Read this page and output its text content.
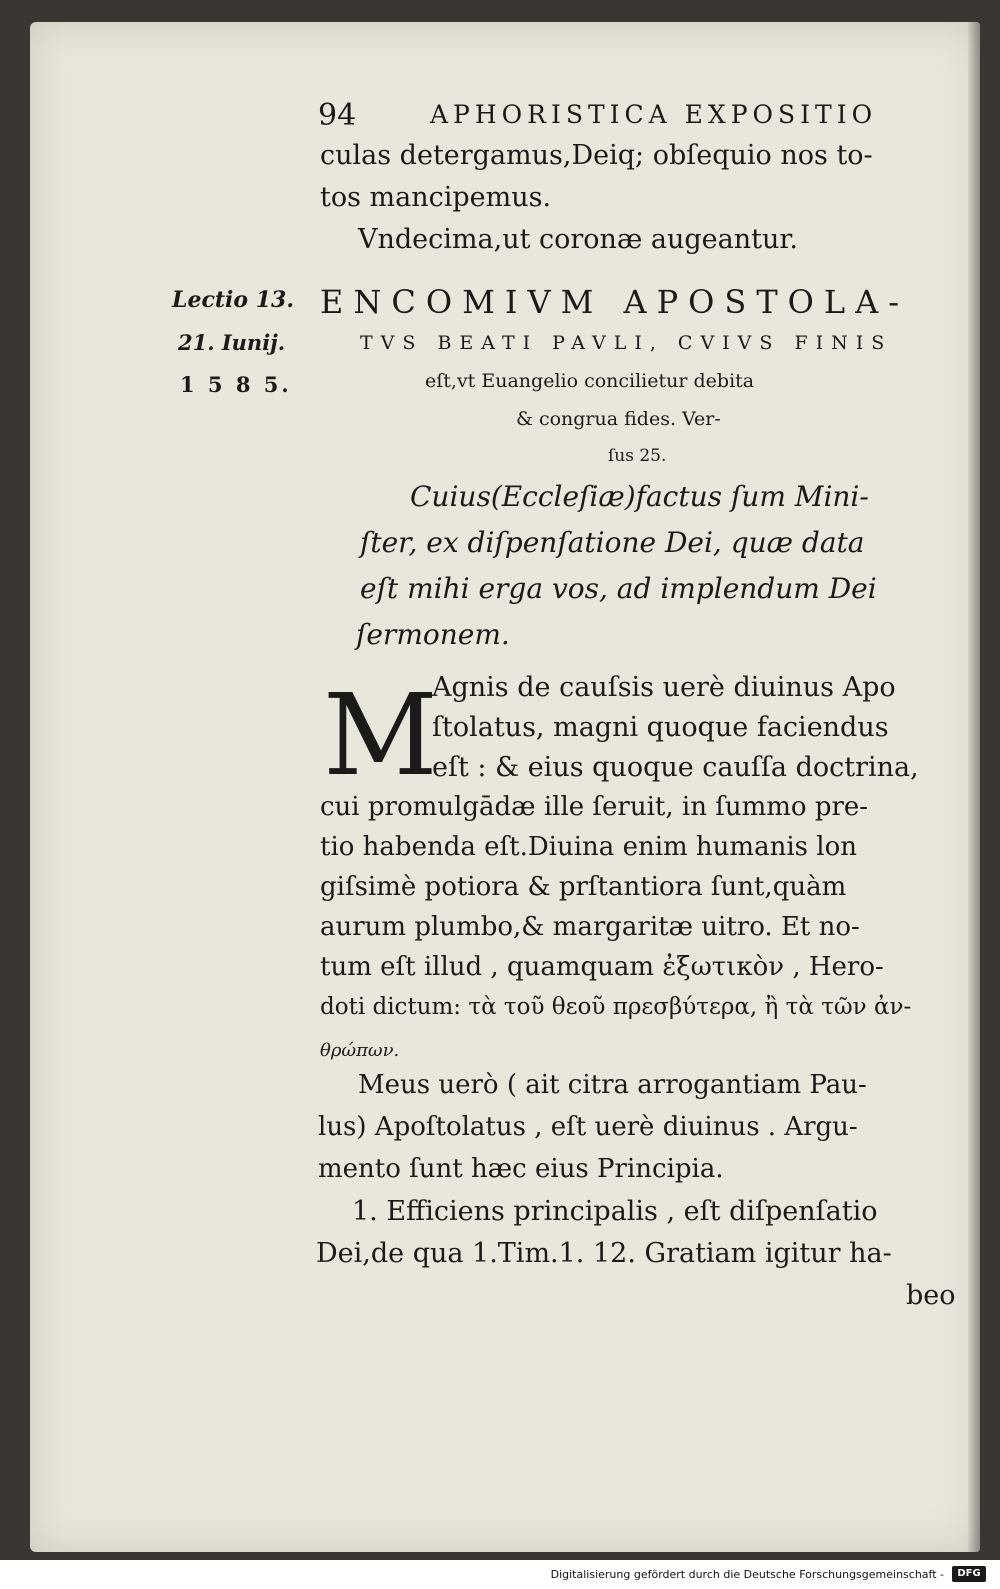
94	APHORISTICA EXPOSITIO
Lectio 13.
21. Iunij.
1 5 8 5.
culas detergamus,Deiq; obſequio nos to-
tos mancipemus.
Vndecima,ut coronæ augeantur.
ENCOMIVM APOSTOLA-
TVS BEATI PAVLI, CVIVS FINIS
eſt,vt Euangelio concilietur debita
& congrua fides. Ver-
ſus 25.
Cuius(Eccleſiæ)factus ſum Mini-
ſter, ex diſpenſatione Dei, quæ data
eſt mihi erga vos, ad implendum Dei
ſermonem.
M
Agnis de cauſsis uerè diuinus Apo
ſtolatus, magni quoque faciendus
eſt : & eius quoque cauſſa doctrina,
cui promulgādæ ille ſeruit, in ſummo pre-
tio habenda eſt.Diuina enim humanis lon
giſsimè potiora & prſtantiora ſunt,quàm
aurum plumbo,& margaritæ uitro. Et no-
tum eſt illud , quamquam ἐξωτικὸν , Hero-
doti dictum: τὰ τοῦ θεοῦ πρεσβύτερα, ἢ τὰ τῶν ἀν-
θρώπων.
Meus uerò ( ait citra arrogantiam Pau-
lus) Apoſtolatus , eſt uerè diuinus . Argu-
mento ſunt hæc eius Principia.
1. Efficiens principalis , eſt diſpenſatio
Dei,de qua 1.Tim.1. 12. Gratiam igitur ha-
beo
Digitalisierung gefördert durch die Deutsche Forschungsgemeinschaft -	DFG
